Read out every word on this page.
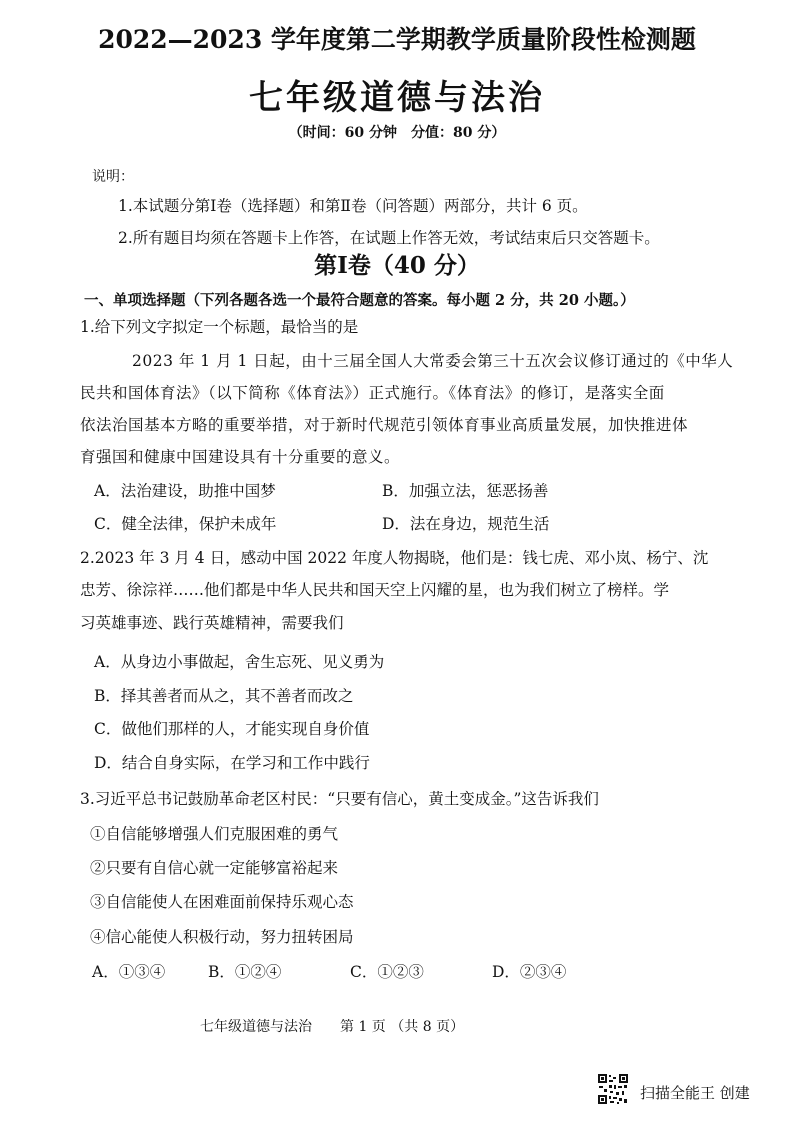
2022—2023 学年度第二学期教学质量阶段性检测题
七年级道德与法治
（时间：60 分钟　分值：80 分）
说明：
1.本试题分第Ⅰ卷（选择题）和第Ⅱ卷（问答题）两部分，共计 6 页。
2.所有题目均须在答题卡上作答，在试题上作答无效，考试结束后只交答题卡。
第Ⅰ卷（40 分）
一、单项选择题（下列各题各选一个最符合题意的答案。每小题 2 分，共 20 小题。）
1.给下列文字拟定一个标题，最恰当的是
2023 年 1 月 1 日起，由十三届全国人大常委会第三十五次会议修订通过的《中华人
民共和国体育法》（以下简称《体育法》）正式施行。《体育法》的修订，是落实全面
依法治国基本方略的重要举措，对于新时代规范引领体育事业高质量发展，加快推进体
育强国和健康中国建设具有十分重要的意义。
A．法治建设，助推中国梦	B．加强立法，惩恶扬善
C．健全法律，保护未成年	D．法在身边，规范生活
2.2023 年 3 月 4 日，感动中国 2022 年度人物揭晓，他们是：钱七虎、邓小岚、杨宁、沈
忠芳、徐淙祥……他们都是中华人民共和国天空上闪耀的星，也为我们树立了榜样。学
习英雄事迹、践行英雄精神，需要我们
A．从身边小事做起，舍生忘死、见义勇为
B．择其善者而从之，其不善者而改之
C．做他们那样的人，才能实现自身价值
D．结合自身实际，在学习和工作中践行
3.习近平总书记鼓励革命老区村民：“只要有信心，黄土变成金。”这告诉我们
①自信能够增强人们克服困难的勇气
②只要有自信心就一定能够富裕起来
③自信能使人在困难面前保持乐观心态
④信心能使人积极行动，努力扭转困局
A．①③④	B．①②④	C．①②③	D．②③④
七年级道德与法治　　第 1 页 （共 8 页）
扫描全能王 创建
